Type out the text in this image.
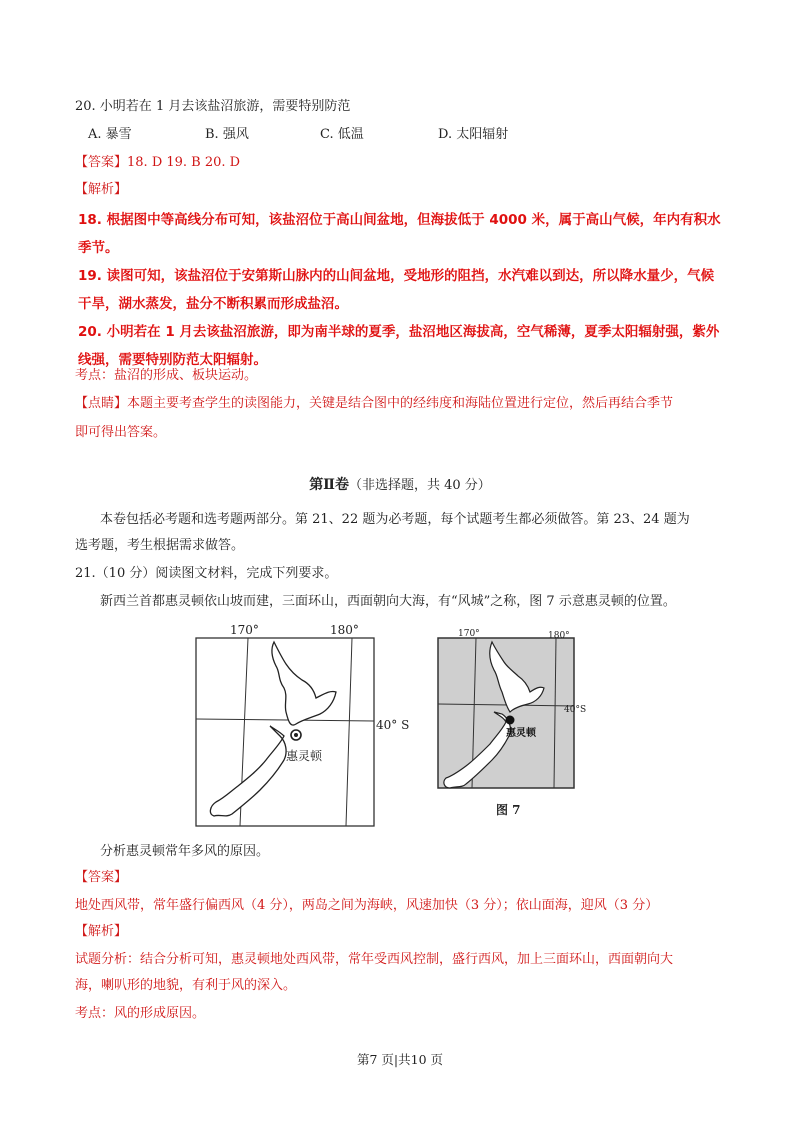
20. 小明若在 1 月去该盐沼旅游，需要特别防范
A. 暴雪	B. 强风	C. 低温	D. 太阳辐射
【答案】18. D 19. B 20. D
【解析】
18. 根据图中等高线分布可知，该盐沼位于高山间盆地，但海拔低于 4000 米，属于高山气候，年内有积水
季节。
19. 读图可知，该盐沼位于安第斯山脉内的山间盆地，受地形的阻挡，水汽难以到达，所以降水量少，气候
干旱，湖水蒸发，盐分不断积累而形成盐沼。
20. 小明若在 1 月去该盐沼旅游，即为南半球的夏季，盐沼地区海拔高，空气稀薄，夏季太阳辐射强，紫外
线强，需要特别防范太阳辐射。
考点：盐沼的形成、板块运动。
【点睛】本题主要考查学生的读图能力，关键是结合图中的经纬度和海陆位置进行定位，然后再结合季节
即可得出答案。
第Ⅱ卷（非选择题，共 40 分）
本卷包括必考题和选考题两部分。第 21、22 题为必考题，每个试题考生都必须做答。第 23、24 题为
选考题，考生根据需求做答。
21.（10 分）阅读图文材料，完成下列要求。
新西兰首都惠灵顿依山坡而建，三面环山，西面朝向大海，有“风城”之称，图 7 示意惠灵顿的位置。
170°	180°
40° S
惠灵顿
170°	180°
40°S
惠灵顿
图 7
分析惠灵顿常年多风的原因。
【答案】
地处西风带，常年盛行偏西风（4 分），两岛之间为海峡，风速加快（3 分）；依山面海，迎风（3 分）
【解析】
试题分析：结合分析可知，惠灵顿地处西风带，常年受西风控制，盛行西风，加上三面环山，西面朝向大
海，喇叭形的地貌，有利于风的深入。
考点：风的形成原因。
第7 页|共10 页
